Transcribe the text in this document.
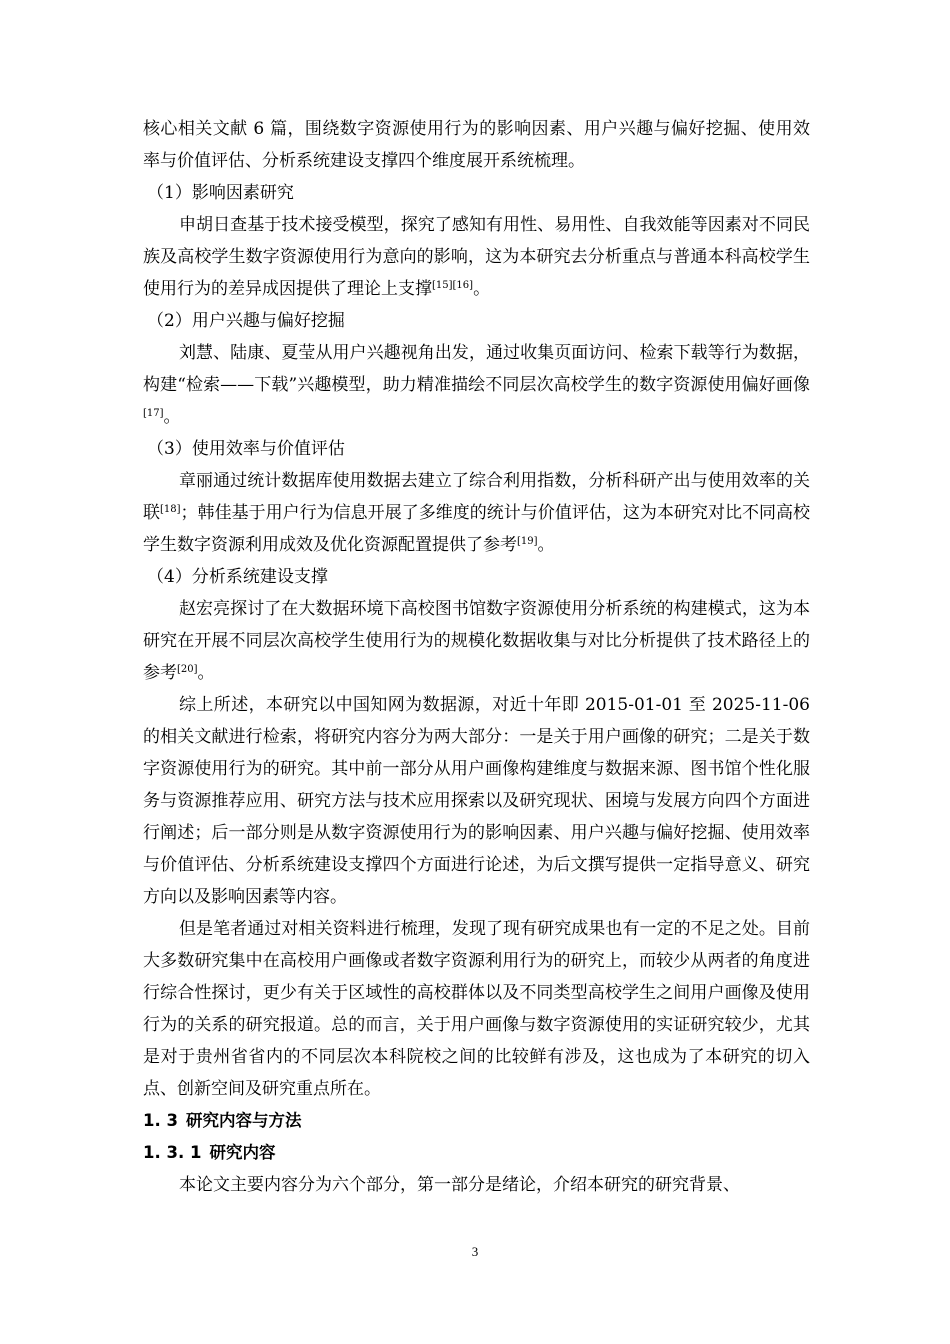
核心相关文献 6 篇，围绕数字资源使用行为的影响因素、用户兴趣与偏好挖掘、使用效率与价值评估、分析系统建设支撑四个维度展开系统梳理。

（1）影响因素研究

申胡日查基于技术接受模型，探究了感知有用性、易用性、自我效能等因素对不同民族及高校学生数字资源使用行为意向的影响，这为本研究去分析重点与普通本科高校学生使用行为的差异成因提供了理论上支撑[15][16]。

（2）用户兴趣与偏好挖掘

刘慧、陆康、夏莹从用户兴趣视角出发，通过收集页面访问、检索下载等行为数据，构建“检索——下载”兴趣模型，助力精准描绘不同层次高校学生的数字资源使用偏好画像[17]。

（3）使用效率与价值评估

章丽通过统计数据库使用数据去建立了综合利用指数，分析科研产出与使用效率的关联[18]；韩佳基于用户行为信息开展了多维度的统计与价值评估，这为本研究对比不同高校学生数字资源利用成效及优化资源配置提供了参考[19]。

（4）分析系统建设支撑

赵宏亮探讨了在大数据环境下高校图书馆数字资源使用分析系统的构建模式，这为本研究在开展不同层次高校学生使用行为的规模化数据收集与对比分析提供了技术路径上的参考[20]。

综上所述，本研究以中国知网为数据源，对近十年即 2015-01-01 至 2025-11-06 的相关文献进行检索，将研究内容分为两大部分：一是关于用户画像的研究；二是关于数字资源使用行为的研究。其中前一部分从用户画像构建维度与数据来源、图书馆个性化服务与资源推荐应用、研究方法与技术应用探索以及研究现状、困境与发展方向四个方面进行阐述；后一部分则是从数字资源使用行为的影响因素、用户兴趣与偏好挖掘、使用效率与价值评估、分析系统建设支撑四个方面进行论述，为后文撰写提供一定指导意义、研究方向以及影响因素等内容。

但是笔者通过对相关资料进行梳理，发现了现有研究成果也有一定的不足之处。目前大多数研究集中在高校用户画像或者数字资源利用行为的研究上，而较少从两者的角度进行综合性探讨，更少有关于区域性的高校群体以及不同类型高校学生之间用户画像及使用行为的关系的研究报道。总的而言，关于用户画像与数字资源使用的实证研究较少，尤其是对于贵州省省内的不同层次本科院校之间的比较鲜有涉及，这也成为了本研究的切入点、创新空间及研究重点所在。

1. 3 研究内容与方法

1. 3. 1 研究内容

本论文主要内容分为六个部分，第一部分是绪论，介绍本研究的研究背景、

3
